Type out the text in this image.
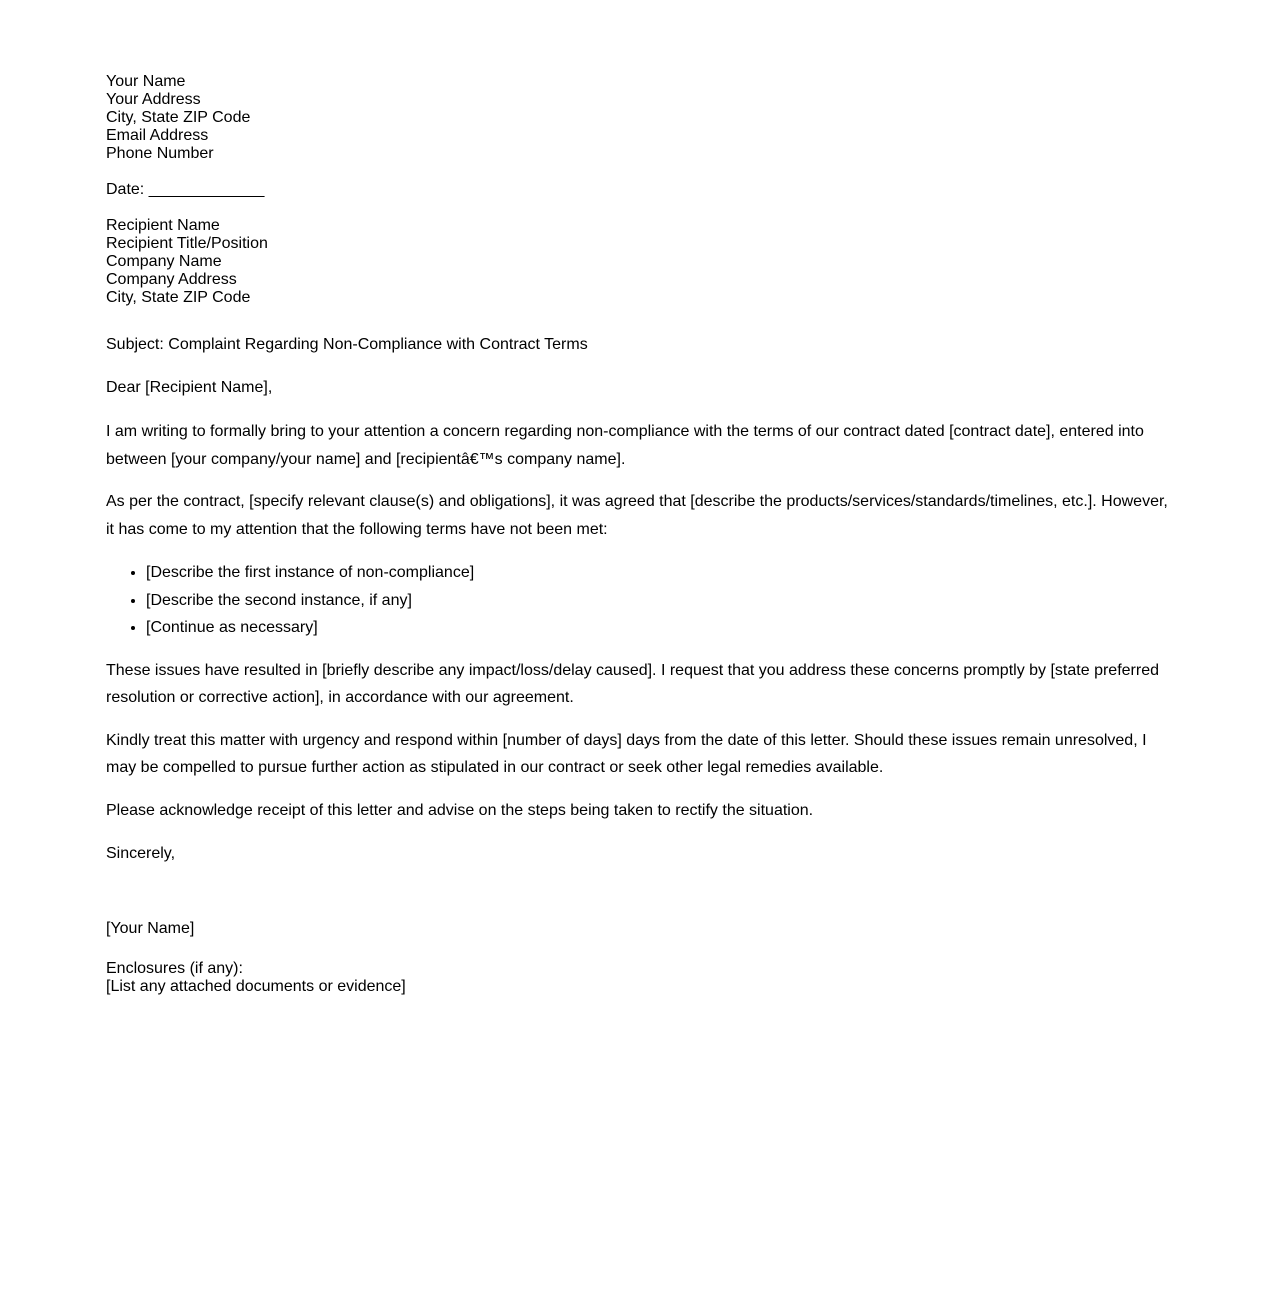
Your Name
Your Address
City, State ZIP Code
Email Address
Phone Number
Date: _____________
Recipient Name
Recipient Title/Position
Company Name
Company Address
City, State ZIP Code
Subject: Complaint Regarding Non-Compliance with Contract Terms
Dear [Recipient Name],

I am writing to formally bring to your attention a concern regarding non-compliance with the terms of our contract dated [contract date], entered into between [your company/your name] and [recipientâ€™s company name].

As per the contract, [specify relevant clause(s) and obligations], it was agreed that [describe the products/services/standards/timelines, etc.]. However, it has come to my attention that the following terms have not been met:

• [Describe the first instance of non-compliance]
• [Describe the second instance, if any]
• [Continue as necessary]

These issues have resulted in [briefly describe any impact/loss/delay caused]. I request that you address these concerns promptly by [state preferred resolution or corrective action], in accordance with our agreement.

Kindly treat this matter with urgency and respond within [number of days] days from the date of this letter. Should these issues remain unresolved, I may be compelled to pursue further action as stipulated in our contract or seek other legal remedies available.

Please acknowledge receipt of this letter and advise on the steps being taken to rectify the situation.

Sincerely,
[Your Name]
Enclosures (if any):
[List any attached documents or evidence]
